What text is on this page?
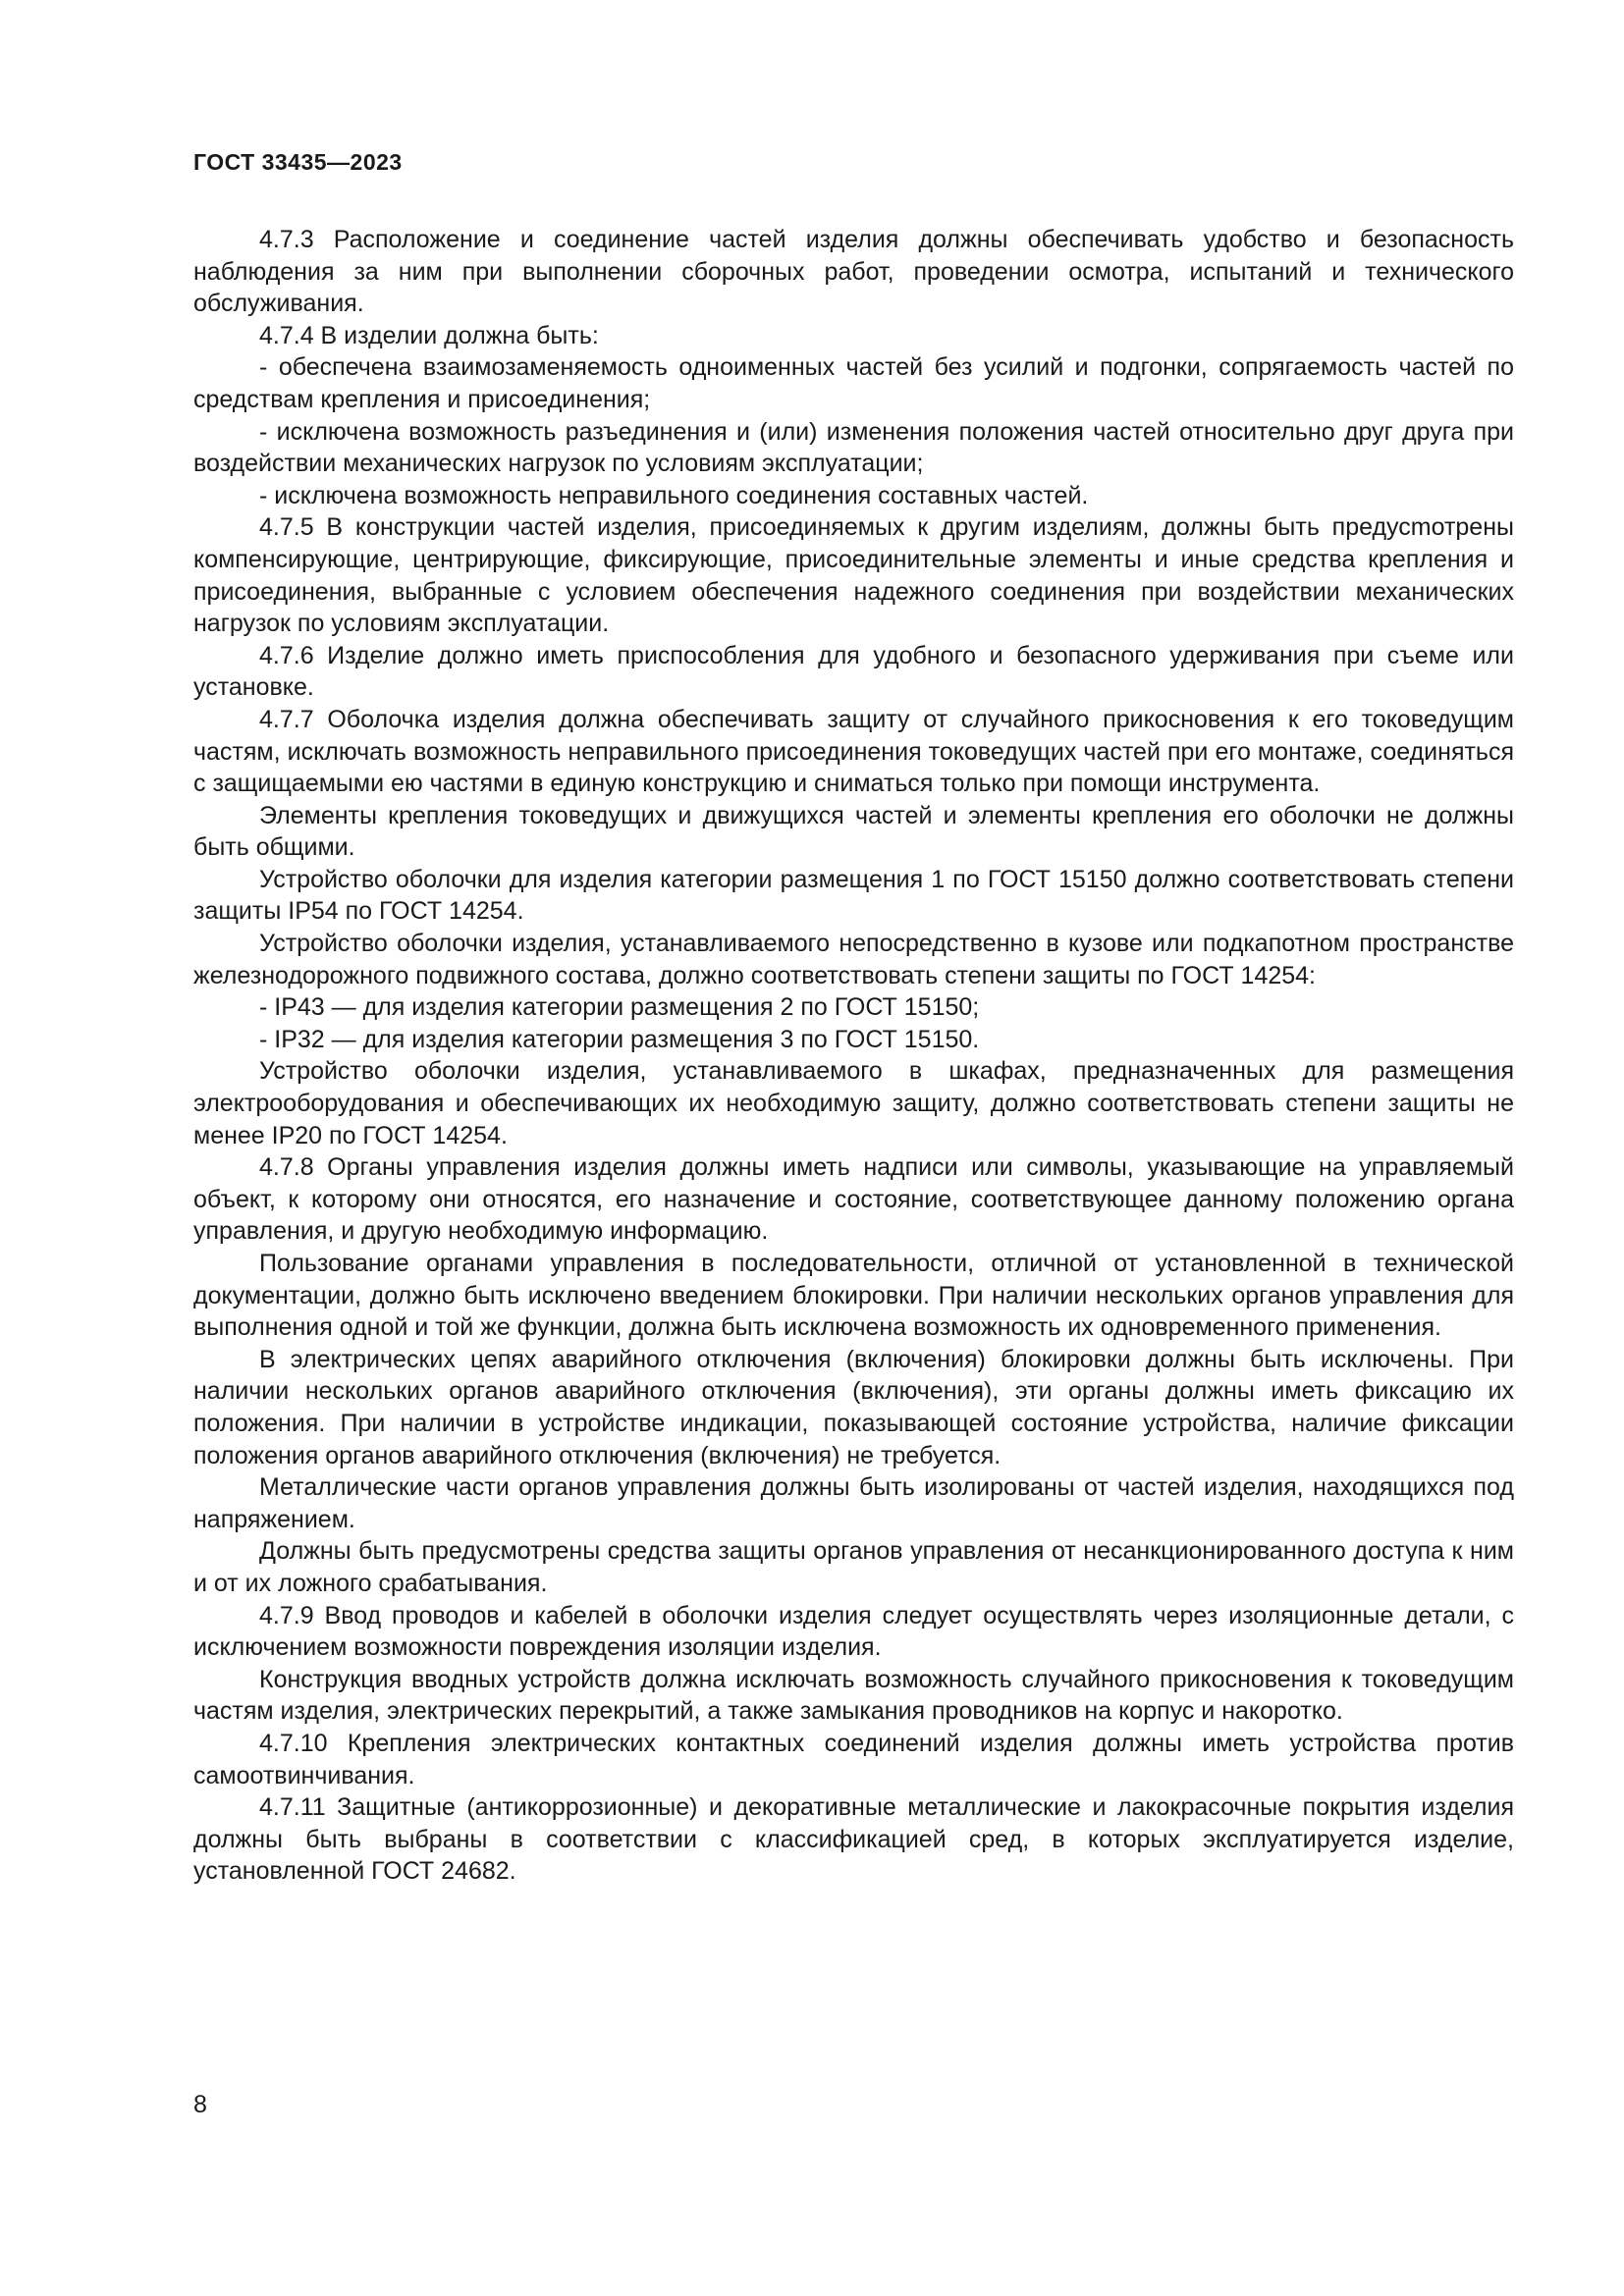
ГОСТ 33435—2023

4.7.3 Расположение и соединение частей изделия должны обеспечивать удобство и безопасность наблюдения за ним при выполнении сборочных работ, проведении осмотра, испытаний и технического обслуживания.

4.7.4 В изделии должна быть:

- обеспечена взаимозаменяемость одноименных частей без усилий и подгонки, сопрягаемость частей по средствам крепления и присоединения;

- исключена возможность разъединения и (или) изменения положения частей относительно друг друга при воздействии механических нагрузок по условиям эксплуатации;

- исключена возможность неправильного соединения составных частей.

4.7.5 В конструкции частей изделия, присоединяемых к другим изделиям, должны быть предусmотрены компенсирующие, центрирующие, фиксирующие, присоединительные элементы и иные средства крепления и присоединения, выбранные с условием обеспечения надежного соединения при воздействии механических нагрузок по условиям эксплуатации.

4.7.6 Изделие должно иметь приспособления для удобного и безопасного удерживания при съеме или установке.

4.7.7 Оболочка изделия должна обеспечивать защиту от случайного прикосновения к его токоведущим частям, исключать возможность неправильного присоединения токоведущих частей при его монтаже, соединяться с защищаемыми ею частями в единую конструкцию и сниматься только при помощи инструмента.

Элементы крепления токоведущих и движущихся частей и элементы крепления его оболочки не должны быть общими.

Устройство оболочки для изделия категории размещения 1 по ГОСТ 15150 должно соответствовать степени защиты IP54 по ГОСТ 14254.

Устройство оболочки изделия, устанавливаемого непосредственно в кузове или подкапотном пространстве железнодорожного подвижного состава, должно соответствовать степени защиты по ГОСТ 14254:

- IP43 — для изделия категории размещения 2 по ГОСТ 15150;

- IP32 — для изделия категории размещения 3 по ГОСТ 15150.

Устройство оболочки изделия, устанавливаемого в шкафах, предназначенных для размещения электрооборудования и обеспечивающих их необходимую защиту, должно соответствовать степени защиты не менее IP20 по ГОСТ 14254.

4.7.8 Органы управления изделия должны иметь надписи или символы, указывающие на управляемый объект, к которому они относятся, его назначение и состояние, соответствующее данному положению органа управления, и другую необходимую информацию.

Пользование органами управления в последовательности, отличной от установленной в технической документации, должно быть исключено введением блокировки. При наличии нескольких органов управления для выполнения одной и той же функции, должна быть исключена возможность их одновременного применения.

В электрических цепях аварийного отключения (включения) блокировки должны быть исключены. При наличии нескольких органов аварийного отключения (включения), эти органы должны иметь фиксацию их положения. При наличии в устройстве индикации, показывающей состояние устройства, наличие фиксации положения органов аварийного отключения (включения) не требуется.

Металлические части органов управления должны быть изолированы от частей изделия, находящихся под напряжением.

Должны быть предусмотрены средства защиты органов управления от несанкционированного доступа к ним и от их ложного срабатывания.

4.7.9 Ввод проводов и кабелей в оболочки изделия следует осуществлять через изоляционные детали, с исключением возможности повреждения изоляции изделия.

Конструкция вводных устройств должна исключать возможность случайного прикосновения к токоведущим частям изделия, электрических перекрытий, а также замыкания проводников на корпус и накоротко.

4.7.10 Крепления электрических контактных соединений изделия должны иметь устройства против самоотвинчивания.

4.7.11 Защитные (антикоррозионные) и декоративные металлические и лакокрасочные покрытия изделия должны быть выбраны в соответствии с классификацией сред, в которых эксплуатируется изделие, установленной ГОСТ 24682.

8
